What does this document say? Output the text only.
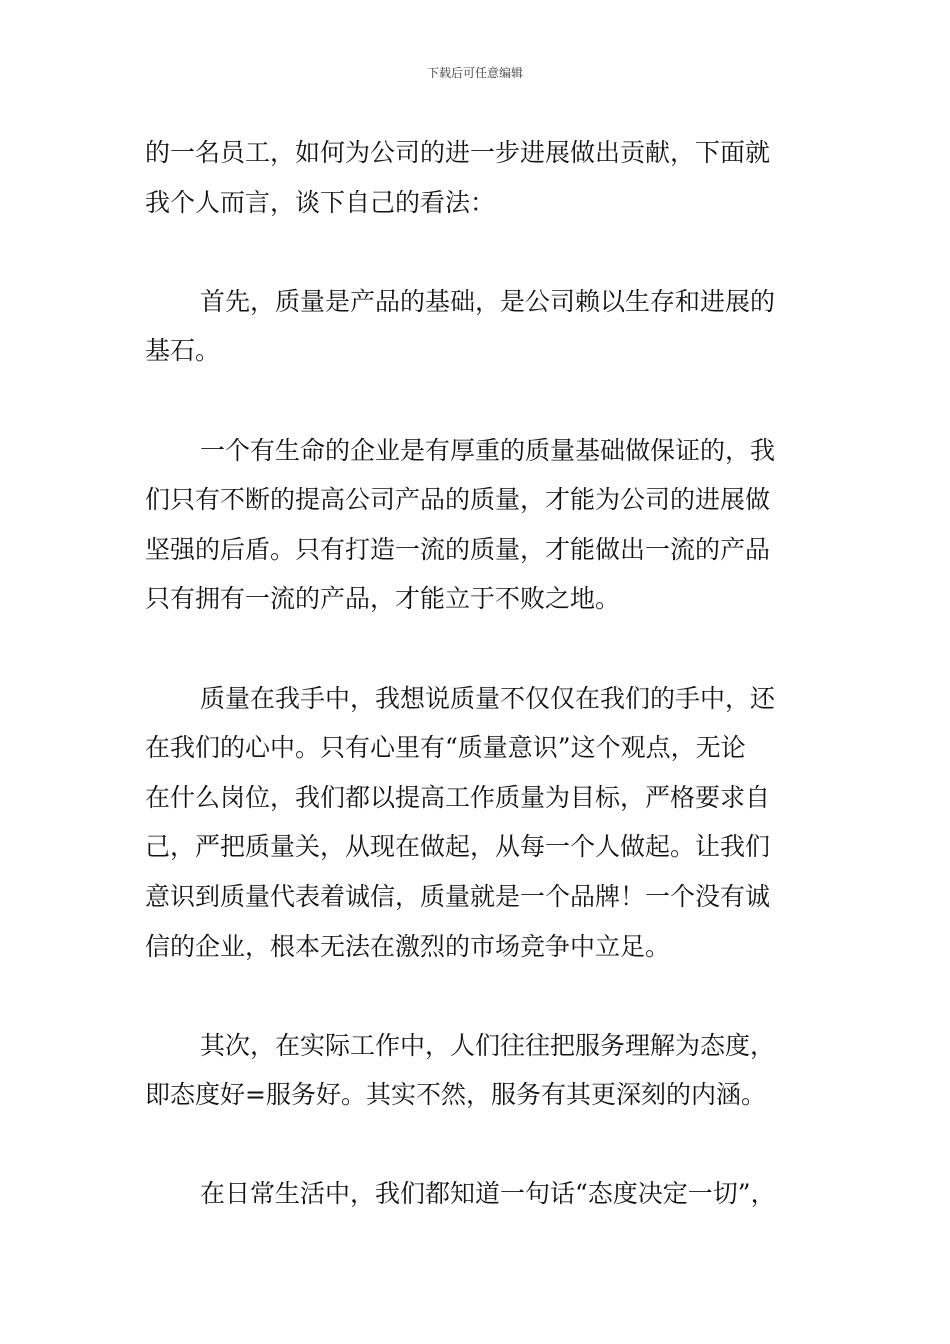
下载后可任意编辑
的一名员工，如何为公司的进一步进展做出贡献，下面就
我个人而言，谈下自己的看法：
首先，质量是产品的基础，是公司赖以生存和进展的
基石。
一个有生命的企业是有厚重的质量基础做保证的，我
们只有不断的提高公司产品的质量，才能为公司的进展做
坚强的后盾。只有打造一流的质量，才能做出一流的产品
只有拥有一流的产品，才能立于不败之地。
质量在我手中，我想说质量不仅仅在我们的手中，还
在我们的心中。只有心里有“质量意识”这个观点，无论
在什么岗位，我们都以提高工作质量为目标，严格要求自
己，严把质量关，从现在做起，从每一个人做起。让我们
意识到质量代表着诚信，质量就是一个品牌！一个没有诚
信的企业，根本无法在激烈的市场竞争中立足。
其次，在实际工作中，人们往往把服务理解为态度，
即态度好=服务好。其实不然，服务有其更深刻的内涵。
在日常生活中，我们都知道一句话“态度决定一切”，
